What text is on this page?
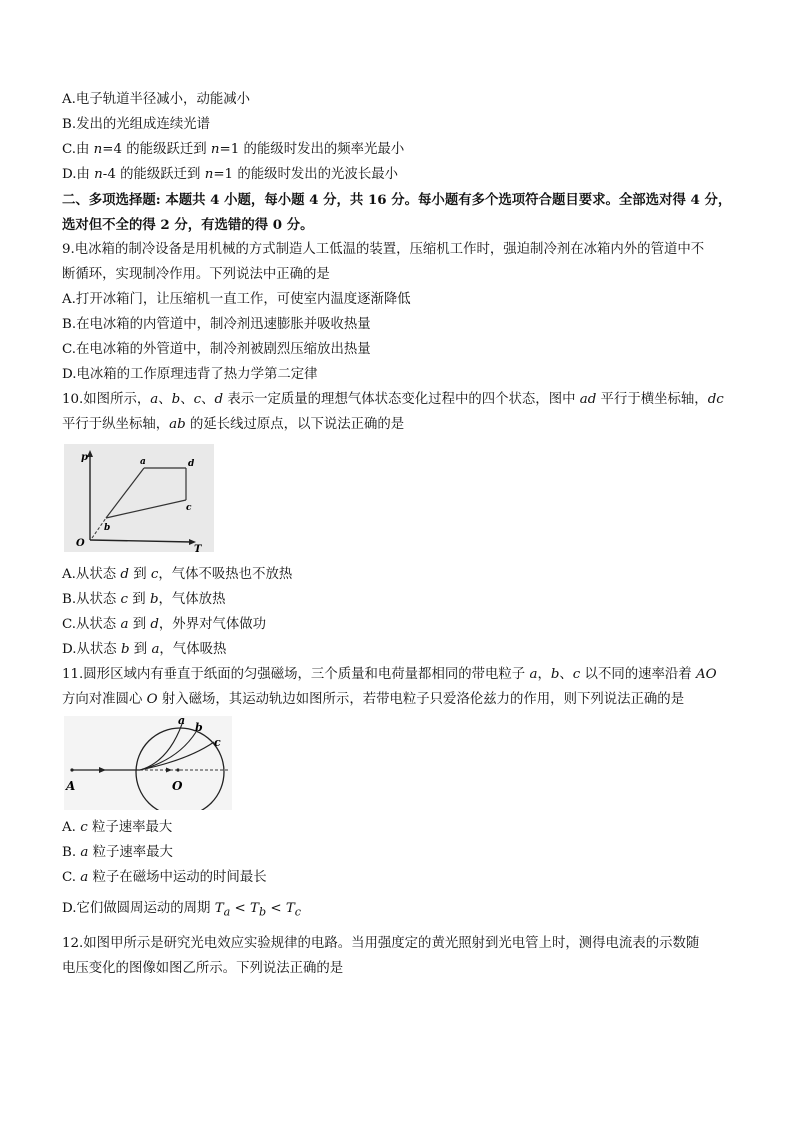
A.电子轨道半径减小，动能减小
B.发出的光组成连续光谱
C.由 n=4 的能级跃迁到 n=1 的能级时发出的频率光最小
D.由 n-4 的能级跃迁到 n=1 的能级时发出的光波长最小
二、多项选择题: 本题共 4 小题，每小题 4 分，共 16 分。每小题有多个选项符合题目要求。全部选对得 4 分，
选对但不全的得 2 分，有选错的得 0 分。
9.电冰箱的制冷设备是用机械的方式制造人工低温的装置，压缩机工作时，强迫制冷剂在冰箱内外的管道中不
断循环，实现制冷作用。下列说法中正确的是
A.打开冰箱门，让压缩机一直工作，可使室内温度逐渐降低
B.在电冰箱的内管道中，制冷剂迅速膨胀并吸收热量
C.在电冰箱的外管道中，制冷剂被剧烈压缩放出热量
D.电冰箱的工作原理违背了热力学第二定律
10.如图所示，a、b、c、d 表示一定质量的理想气体状态变化过程中的四个状态，图中 ad 平行于横坐标轴，dc
平行于纵坐标轴，ab 的延长线过原点，以下说法正确的是
p
T
O
a	d
c
b
A.从状态 d 到 c，气体不吸热也不放热
B.从状态 c 到 b，气体放热
C.从状态 a 到 d，外界对气体做功
D.从状态 b 到 a，气体吸热
11.圆形区域内有垂直于纸面的匀强磁场，三个质量和电荷量都相同的带电粒子 a，b、c 以不同的速率沿着 AO
方向对准圆心 O 射入磁场，其运动轨边如图所示，若带电粒子只爱洛伦兹力的作用，则下列说法正确的是
A	O
a
b
c
A. c 粒子速率最大
B. a 粒子速率最大
C. a 粒子在磁场中运动的时间最长
D.它们做圆周运动的周期 $T_a < T_b < T_c$
12.如图甲所示是研究光电效应实验规律的电路。当用强度定的黄光照射到光电管上时，测得电流表的示数随
电压变化的图像如图乙所示。下列说法正确的是
